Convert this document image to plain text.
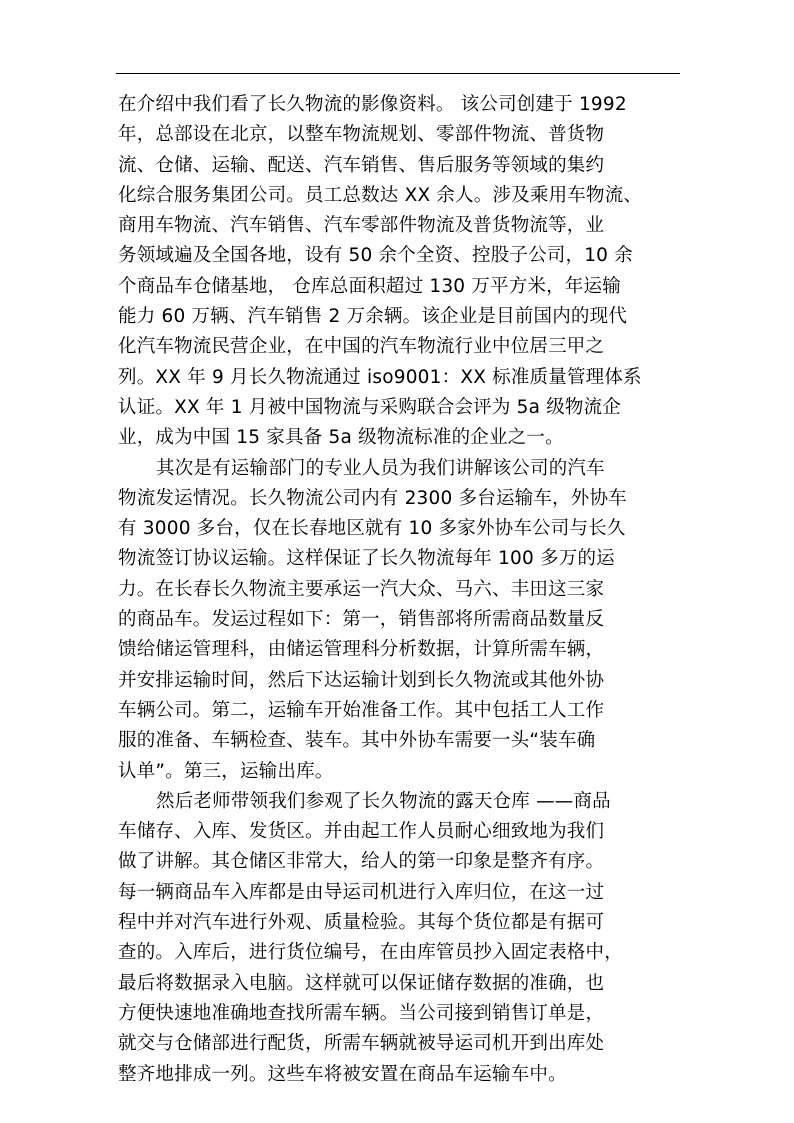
在介绍中我们看了长久物流的影像资料。 该公司创建于 1992
年，总部设在北京，以整车物流规划、零部件物流、普货物
流、仓储、运输、配送、汽车销售、售后服务等领域的集约
化综合服务集团公司。员工总数达 XX 余人。涉及乘用车物流、
商用车物流、汽车销售、汽车零部件物流及普货物流等，业
务领域遍及全国各地，设有 50 余个全资、控股子公司，10 余
个商品车仓储基地， 仓库总面积超过 130 万平方米，年运输
能力 60 万辆、汽车销售 2 万余辆。该企业是目前国内的现代
化汽车物流民营企业，在中国的汽车物流行业中位居三甲之
列。XX 年 9 月长久物流通过 iso9001：XX 标准质量管理体系
认证。XX 年 1 月被中国物流与采购联合会评为 5a 级物流企
业，成为中国 15 家具备 5a 级物流标准的企业之一。
其次是有运输部门的专业人员为我们讲解该公司的汽车
物流发运情况。长久物流公司内有 2300 多台运输车，外协车
有 3000 多台，仅在长春地区就有 10 多家外协车公司与长久
物流签订协议运输。这样保证了长久物流每年 100 多万的运
力。在长春长久物流主要承运一汽大众、马六、丰田这三家
的商品车。发运过程如下：第一，销售部将所需商品数量反
馈给储运管理科，由储运管理科分析数据，计算所需车辆，
并安排运输时间，然后下达运输计划到长久物流或其他外协
车辆公司。第二，运输车开始准备工作。其中包括工人工作
服的准备、车辆检查、装车。其中外协车需要一头“装车确
认单”。第三，运输出库。
然后老师带领我们参观了长久物流的露天仓库 ——商品
车储存、入库、发货区。并由起工作人员耐心细致地为我们
做了讲解。其仓储区非常大，给人的第一印象是整齐有序。
每一辆商品车入库都是由导运司机进行入库归位，在这一过
程中并对汽车进行外观、质量检验。其每个货位都是有据可
查的。入库后，进行货位编号，在由库管员抄入固定表格中，
最后将数据录入电脑。这样就可以保证储存数据的准确，也
方便快速地准确地查找所需车辆。当公司接到销售订单是，
就交与仓储部进行配货，所需车辆就被导运司机开到出库处
整齐地排成一列。这些车将被安置在商品车运输车中。
